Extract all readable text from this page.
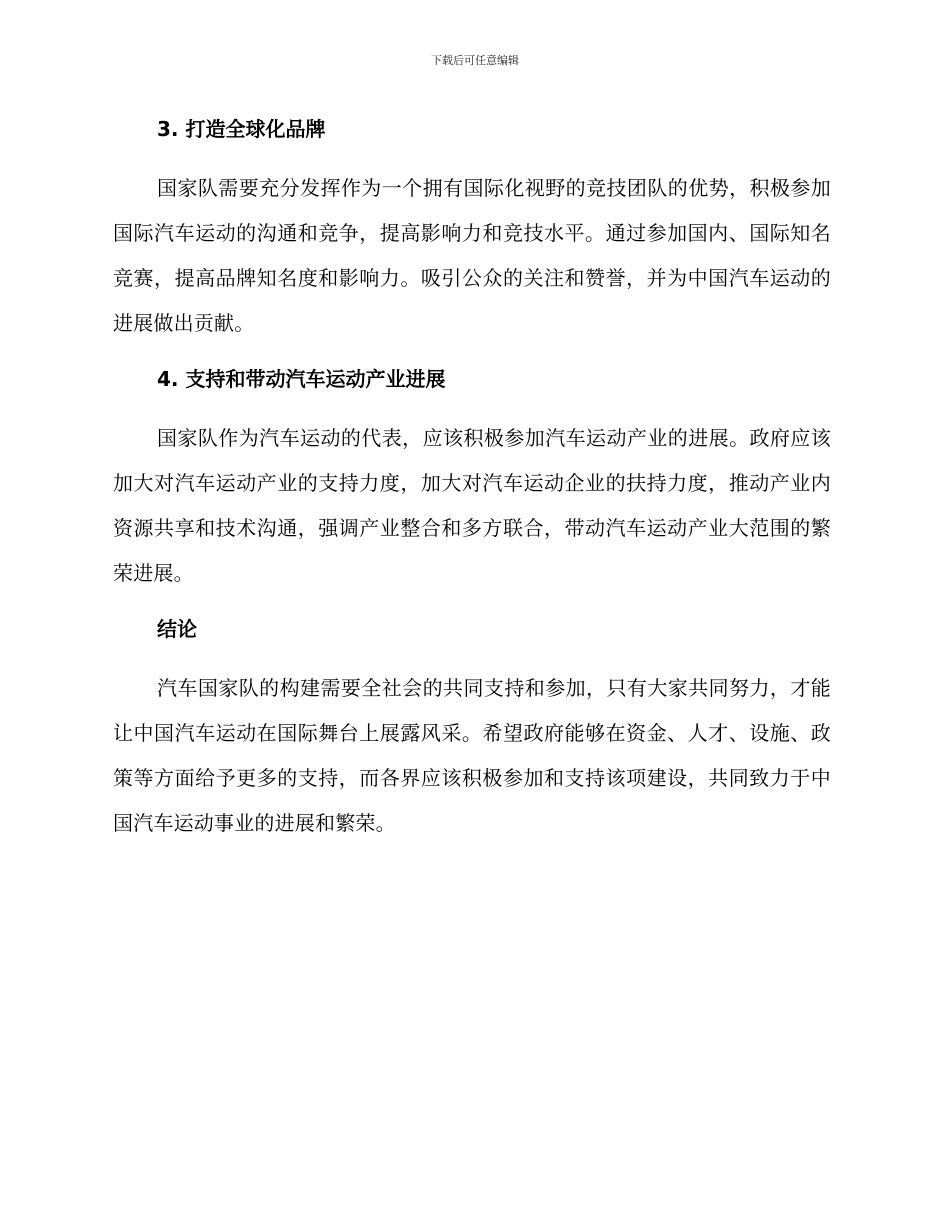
下载后可任意编辑
3. 打造全球化品牌

国家队需要充分发挥作为一个拥有国际化视野的竞技团队的优势，积极参加国际汽车运动的沟通和竞争，提高影响力和竞技水平。通过参加国内、国际知名竞赛，提高品牌知名度和影响力。吸引公众的关注和赞誉，并为中国汽车运动的进展做出贡献。

4. 支持和带动汽车运动产业进展

国家队作为汽车运动的代表，应该积极参加汽车运动产业的进展。政府应该加大对汽车运动产业的支持力度，加大对汽车运动企业的扶持力度，推动产业内资源共享和技术沟通，强调产业整合和多方联合，带动汽车运动产业大范围的繁荣进展。

结论

汽车国家队的构建需要全社会的共同支持和参加，只有大家共同努力，才能让中国汽车运动在国际舞台上展露风采。希望政府能够在资金、人才、设施、政策等方面给予更多的支持，而各界应该积极参加和支持该项建设，共同致力于中国汽车运动事业的进展和繁荣。
